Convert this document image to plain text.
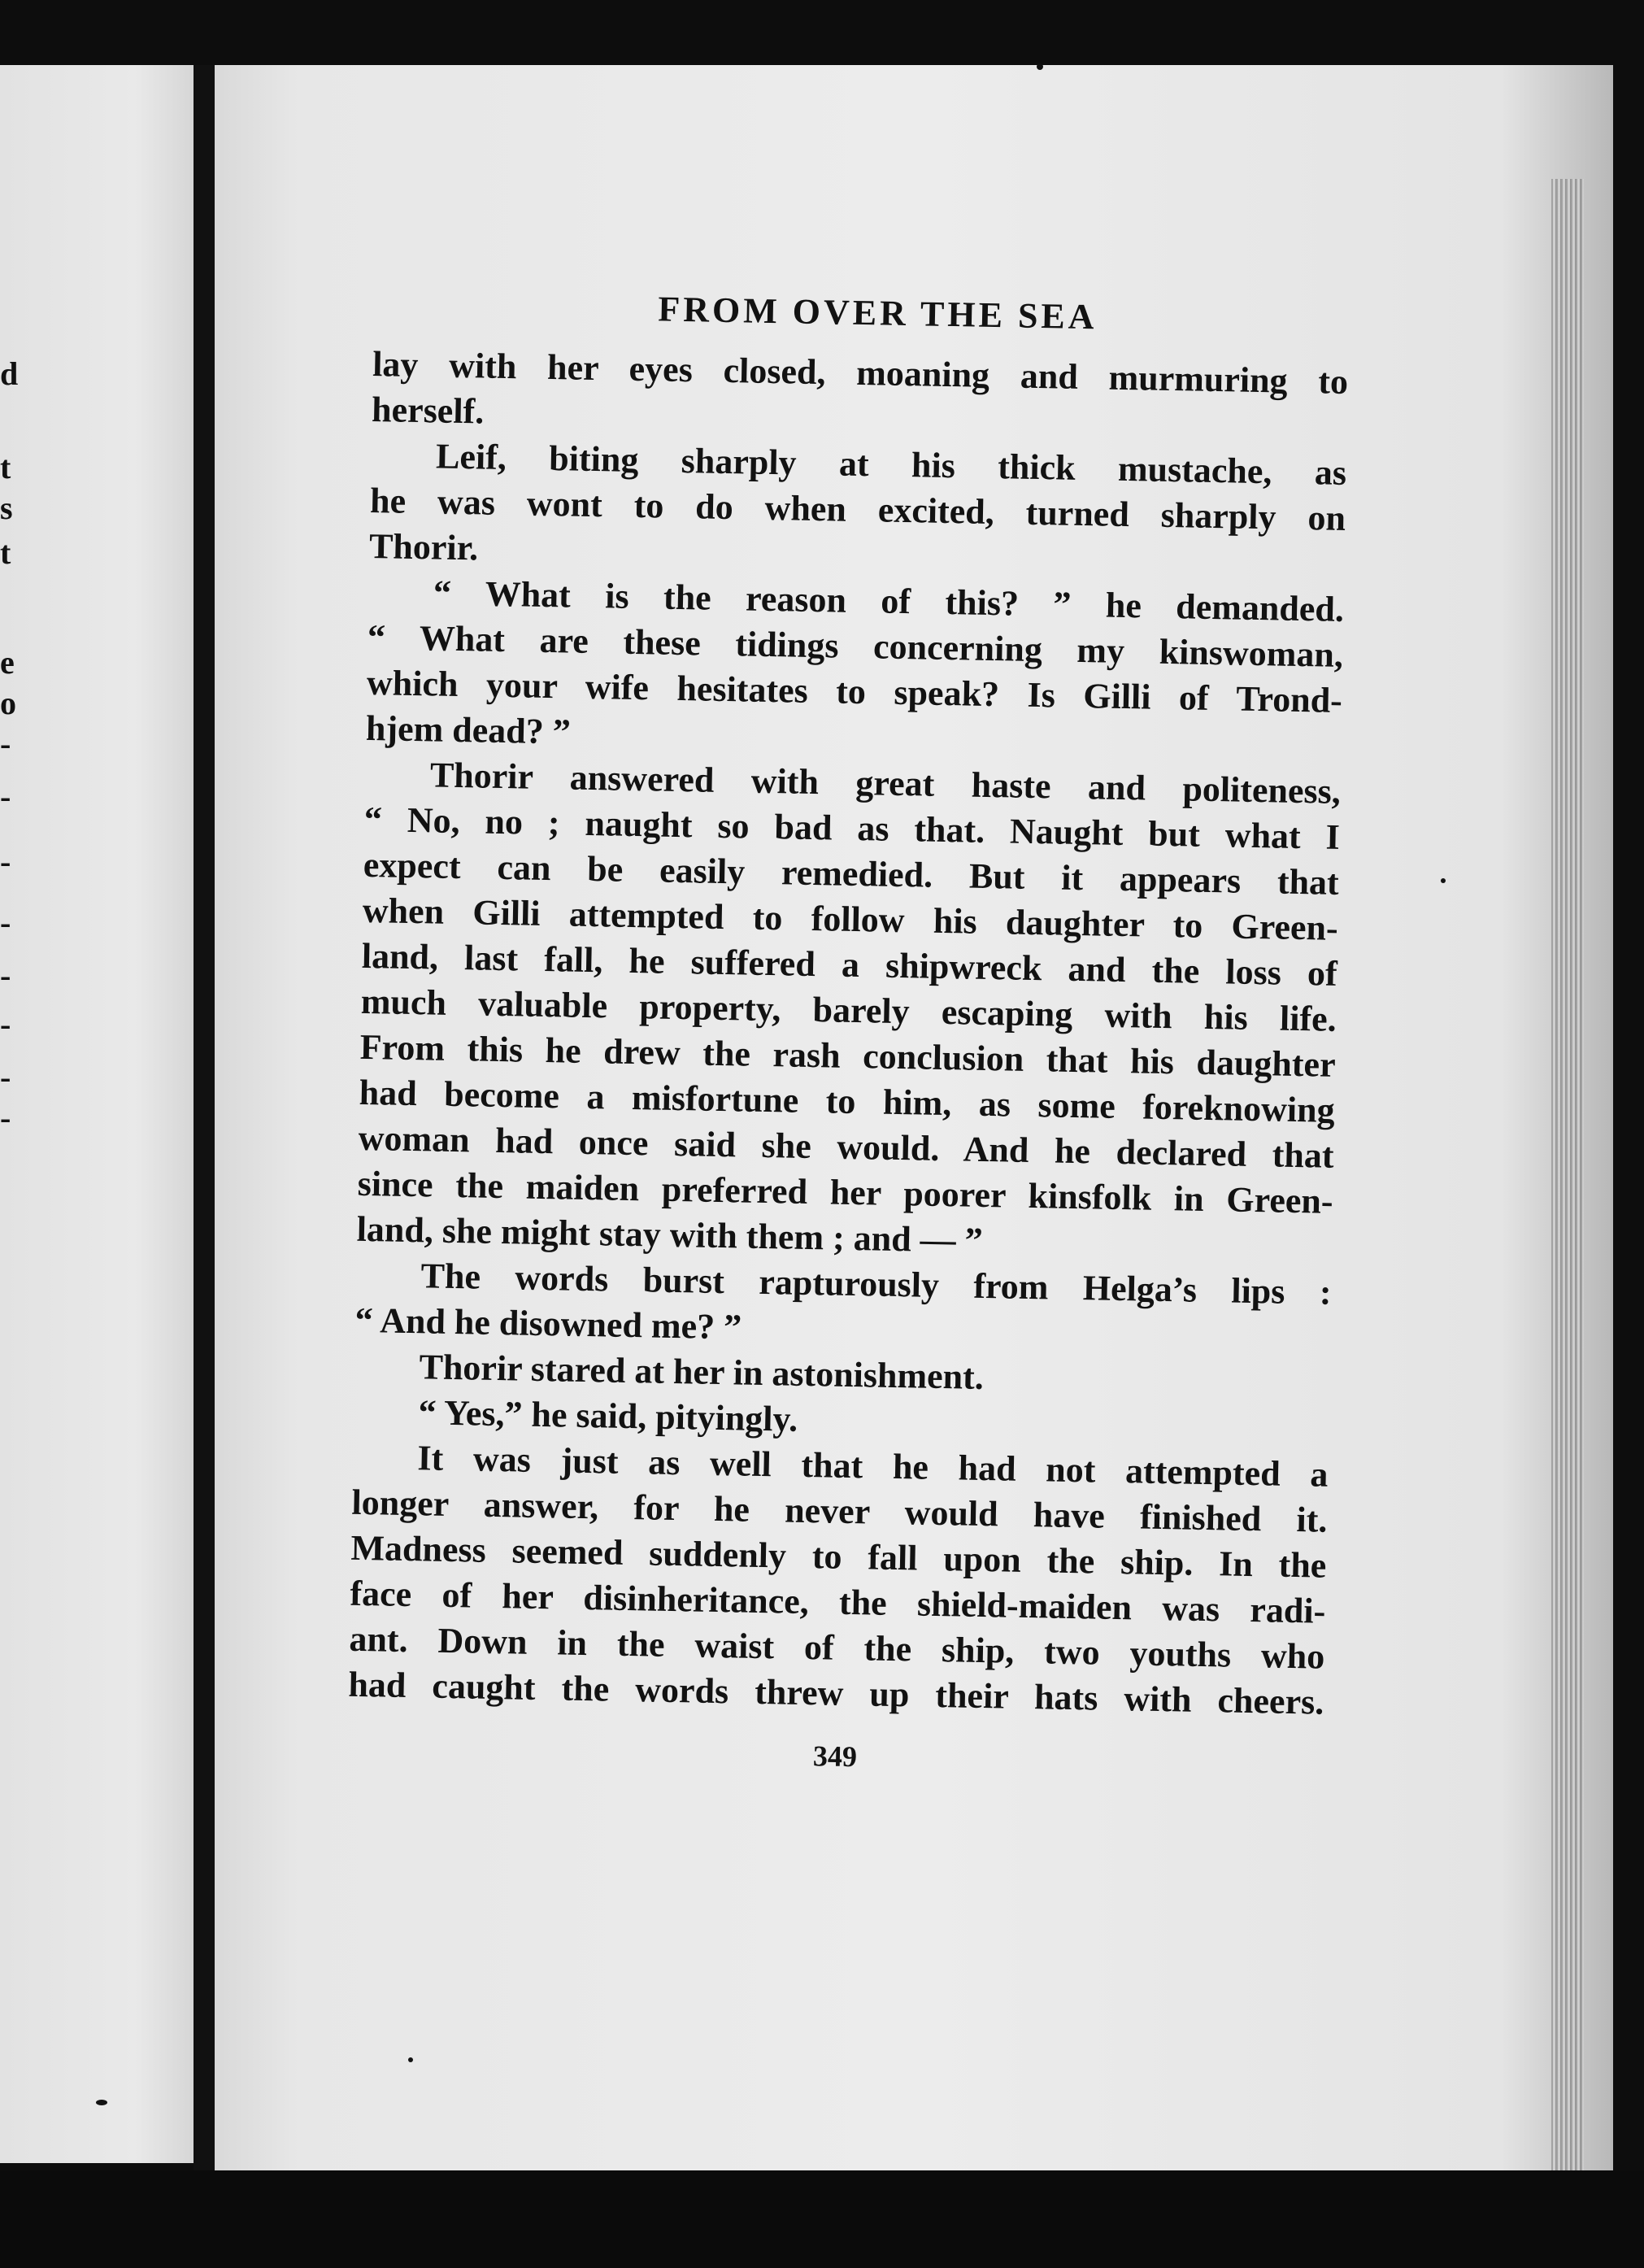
d
t
s
t
e
o
-
-
-
-
-
-
-
-
FROM OVER THE SEA
lay with her eyes closed, moaning and murmuring to
herself.
Leif, biting sharply at his thick mustache, as
he was wont to do when excited, turned sharply on
Thorir.
“ What is the reason of this? ” he demanded.
“ What are these tidings concerning my kinswoman,
which your wife hesitates to speak? Is Gilli of Trond-
hjem dead? ”
Thorir answered with great haste and politeness,
“ No, no ; naught so bad as that. Naught but what I
expect can be easily remedied. But it appears that
when Gilli attempted to follow his daughter to Green-
land, last fall, he suffered a shipwreck and the loss of
much valuable property, barely escaping with his life.
From this he drew the rash conclusion that his daughter
had become a misfortune to him, as some foreknowing
woman had once said she would. And he declared that
since the maiden preferred her poorer kinsfolk in Green-
land, she might stay with them ; and — ”
The words burst rapturously from Helga’s lips :
“ And he disowned me? ”
Thorir stared at her in astonishment.
“ Yes,” he said, pityingly.
It was just as well that he had not attempted a
longer answer, for he never would have finished it.
Madness seemed suddenly to fall upon the ship. In the
face of her disinheritance, the shield-maiden was radi-
ant. Down in the waist of the ship, two youths who
had caught the words threw up their hats with cheers.
349
